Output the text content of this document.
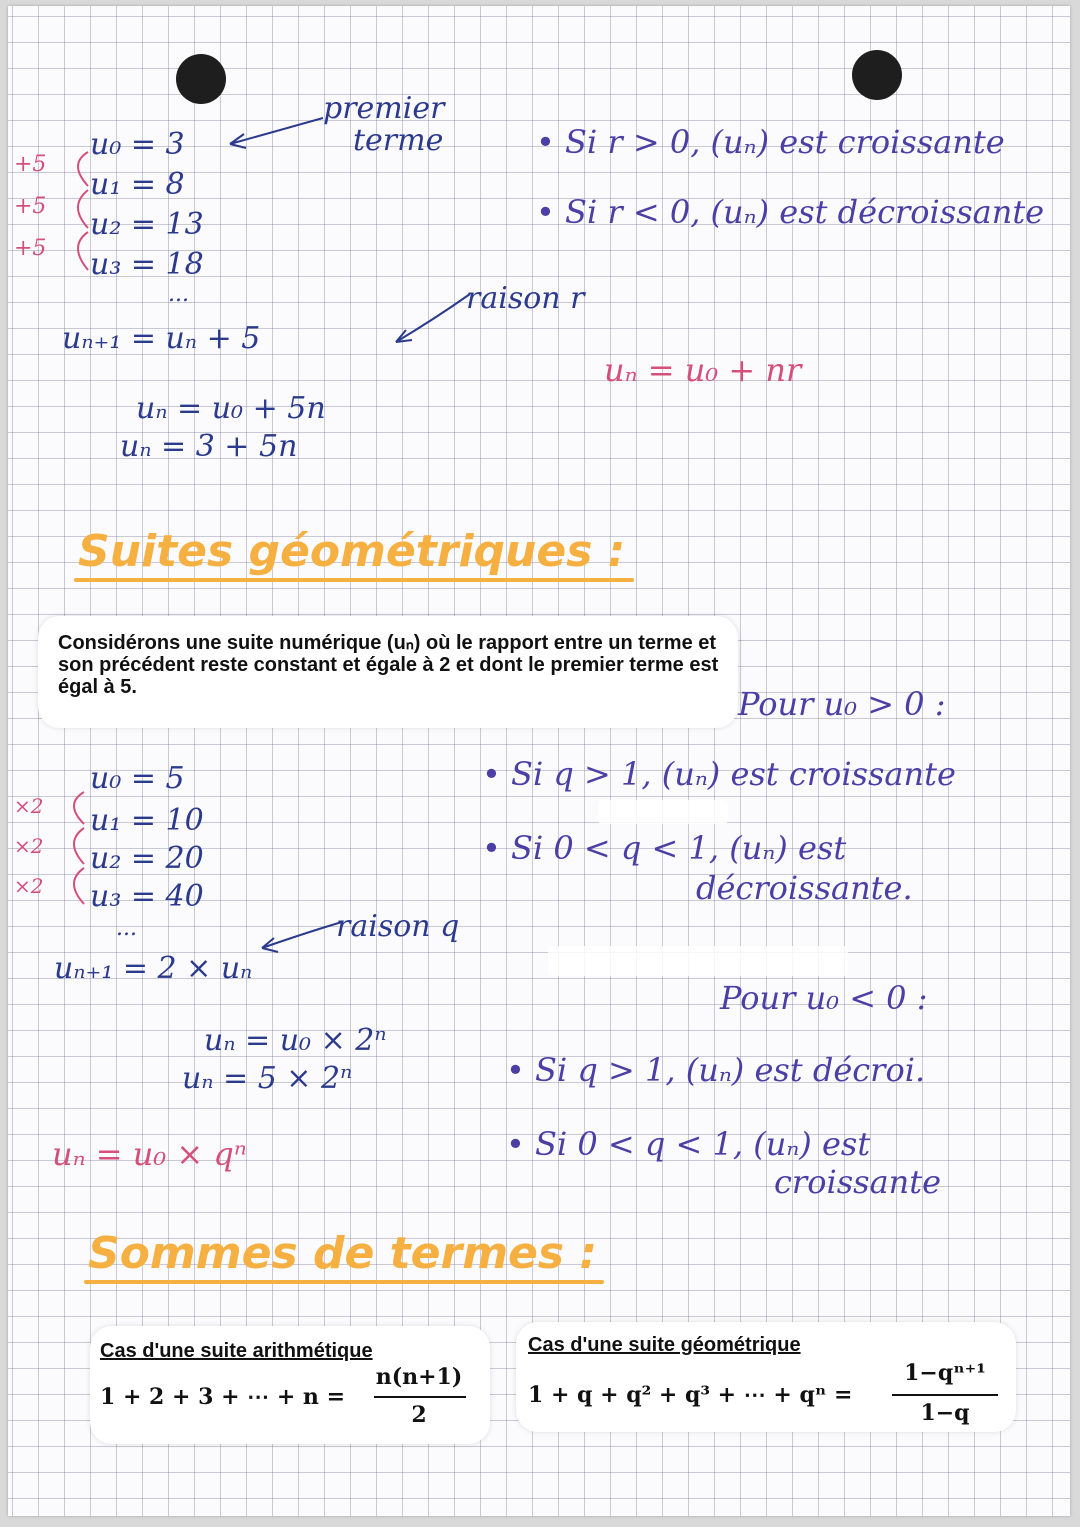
premier
terme
+5
+5
+5
u₀ = 3
u₁ = 8
u₂ = 13
u₃ = 18
...	raison r
uₙ₊₁ = uₙ + 5
uₙ = u₀ + 5n
uₙ = 3 + 5n
• Si r > 0, (uₙ) est croissante
• Si r < 0, (uₙ) est décroissante
uₙ = u₀ + nr
Suites géométriques :
Considérons une suite numérique (uₙ) où le rapport entre un terme et son précédent reste constant et égale à 2 et dont le premier terme est égal à 5.	Pour u₀ > 0 :
• Si q > 1, (uₙ) est croissante
• Si 0 < q < 1, (uₙ) est
décroissante.
×2
×2
×2
u₀ = 5
u₁ = 10
u₂ = 20
u₃ = 40
...	raison q
uₙ₊₁ = 2 × uₙ
uₙ = u₀ × 2ⁿ
uₙ = 5 × 2ⁿ
uₙ = u₀ × qⁿ
Pour u₀ < 0 :
• Si q > 1, (uₙ) est décroi.
• Si 0 < q < 1, (uₙ) est
croissante
Sommes de termes :
Cas d'une suite arithmétique
1 + 2 + 3 + ⋯ + n =
n(n+1)
2
Cas d'une suite géométrique
1 + q + q² + q³ + ⋯ + qⁿ =
1−qⁿ⁺¹
1−q
